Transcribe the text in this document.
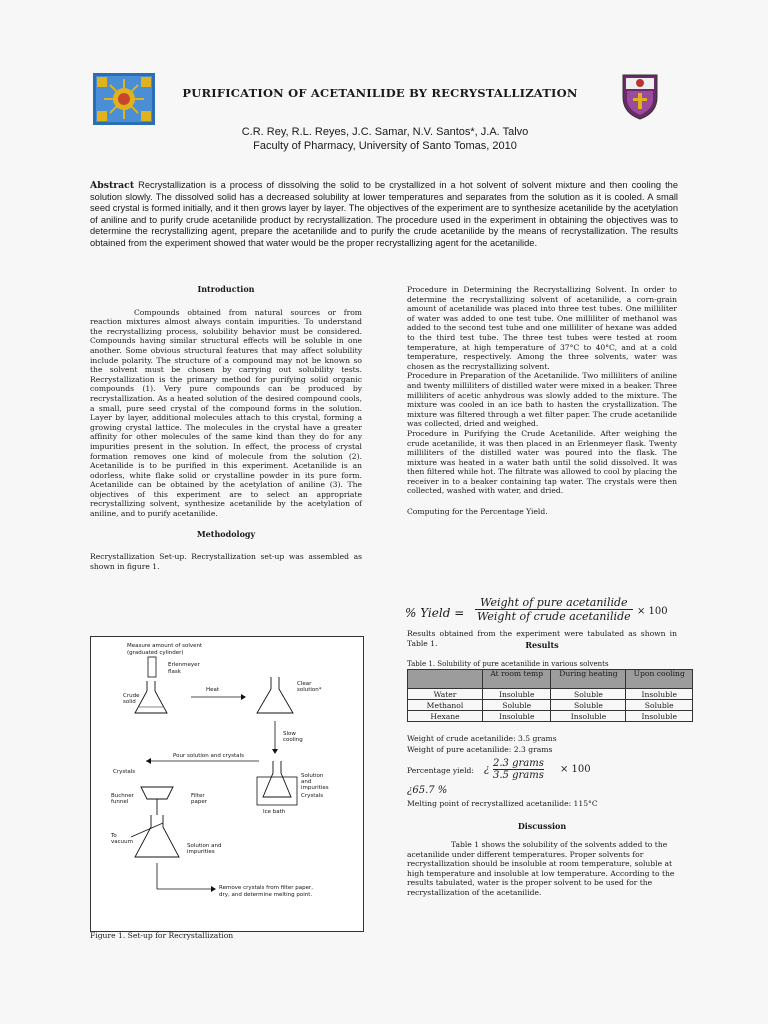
PURIFICATION OF ACETANILIDE BY RECRYSTALLIZATION
C.R. Rey, R.L. Reyes, J.C. Samar, N.V. Santos*, J.A. Talvo
Faculty of Pharmacy, University of Santo Tomas, 2010
Abstract Recrystallization is a process of dissolving the solid to be crystallized in a hot solvent of solvent mixture and then cooling the solution slowly. The dissolved solid has a decreased solubility at lower temperatures and separates from the solution as it is cooled. A small seed crystal is formed initially, and it then grows layer by layer. The objectives of the experiment are to synthesize acetanilide by the acetylation of aniline and to purify crude acetanilide product by recrystallization. The procedure used in the experiment in obtaining the objectives was to determine the recrystallizing agent, prepare the acetanilide and to purify the crude acetanilide by the means of recrystallization. The results obtained from the experiment showed that water would be the proper recrystallizing agent for the acetanilide.
Introduction

Compounds obtained from natural sources or from reaction mixtures almost always contain impurities. To understand the recrystallizing process, solubility behavior must be considered. Compounds having similar structural effects will be soluble in one another. Some obvious structural features that may affect solubility include polarity. The structure of a compound may not be known so the solvent must be chosen by carrying out solubility tests. Recrystallization is the primary method for purifying solid organic compounds (1). Very pure compounds can be produced by recrystallization. As a heated solution of the desired compound cools, a small, pure seed crystal of the compound forms in the solution. Layer by layer, additional molecules attach to this crystal, forming a growing crystal lattice. The molecules in the crystal have a greater affinity for other molecules of the same kind than they do for any impurities present in the solution. In effect, the process of crystal formation removes one kind of molecule from the solution (2). Acetanilide is to be purified in this experiment. Acetanilide is an odorless, white flake solid or crystalline powder in its pure form. Acetanilide can be obtained by the acetylation of aniline (3). The objectives of this experiment are to select an appropriate recrystallizing solvent, synthesize acetanilide by the acetylation of aniline, and to purify acetanilide.

Methodology

Recrystallization Set-up. Recrystallization set-up was assembled as shown in figure 1.

Measure amount of solvent
(graduated cylinder)
Erlenmeyer
flask
Crude
solid
Heat
Clear
solution*
Slow
cooling
Pour solution and crystals
Solution
and
impurities
Crystals
Ice bath
Crystals
Buchner
funnel
Filter
paper
To
vacuum
Solution and
impurities
Remove crystals from filter paper,
dry, and determine melting point.
Figure 1. Set-up for Recrystallization

Procedure in Determining the Recrystallizing Solvent. In order to determine the recrystallizing solvent of acetanilide, a corn-grain amount of acetanilide was placed into three test tubes. One milliliter of water was added to one test tube. One milliliter of methanol was added to the second test tube and one milliliter of hexane was added to the third test tube. The three test tubes were tested at room temperature, at high temperature of 37°C to 40°C, and at a cold temperature, respectively. Among the three solvents, water was chosen as the recrystallizing solvent.

Procedure in Preparation of the Acetanilide. Two milliliters of aniline and twenty milliliters of distilled water were mixed in a beaker. Three milliliters of acetic anhydrous was slowly added to the mixture. The mixture was cooled in an ice bath to hasten the crystallization. The mixture was filtered through a wet filter paper. The crude acetanilide was collected, dried and weighed.

Procedure in Purifying the Crude Acetanilide. After weighing the crude acetanilide, it was then placed in an Erlenmeyer flask. Twenty milliliters of the distilled water was poured into the flask. The mixture was heated in a water bath until the solid dissolved. It was then filtered while hot. The filtrate was allowed to cool by placing the receiver in to a beaker containing tap water. The crystals were then collected, washed with water, and dried.

Computing for the Percentage Yield.

% Yield =
Weight of pure acetanilide
Weight of crude acetanilide × 100
Results
Results obtained from the experiment were tabulated as shown in Table 1.
Table 1. Solubility of pure acetanilide in various solvents
	At room temp	During heating	Upon cooling
Water	Insoluble	Soluble	Insoluble
Methanol	Soluble	Soluble	Soluble
Hexane	Insoluble	Insoluble	Insoluble
Weight of crude acetanilide: 3.5 grams
Weight of pure acetanilide: 2.3 grams
Percentage yield: ¿
2.3 grams
3.5 grams
× 100
¿65.7 %
Melting point of recrystallized acetanilide: 115°C
Discussion
Table 1 shows the solubility of the solvents added to the acetanilide under different temperatures. Proper solvents for recrystallization should be insoluble at room temperature, soluble at high temperature and insoluble at low temperature. According to the results tabulated, water is the proper solvent to be used for the recrystallization of the acetanilide.
